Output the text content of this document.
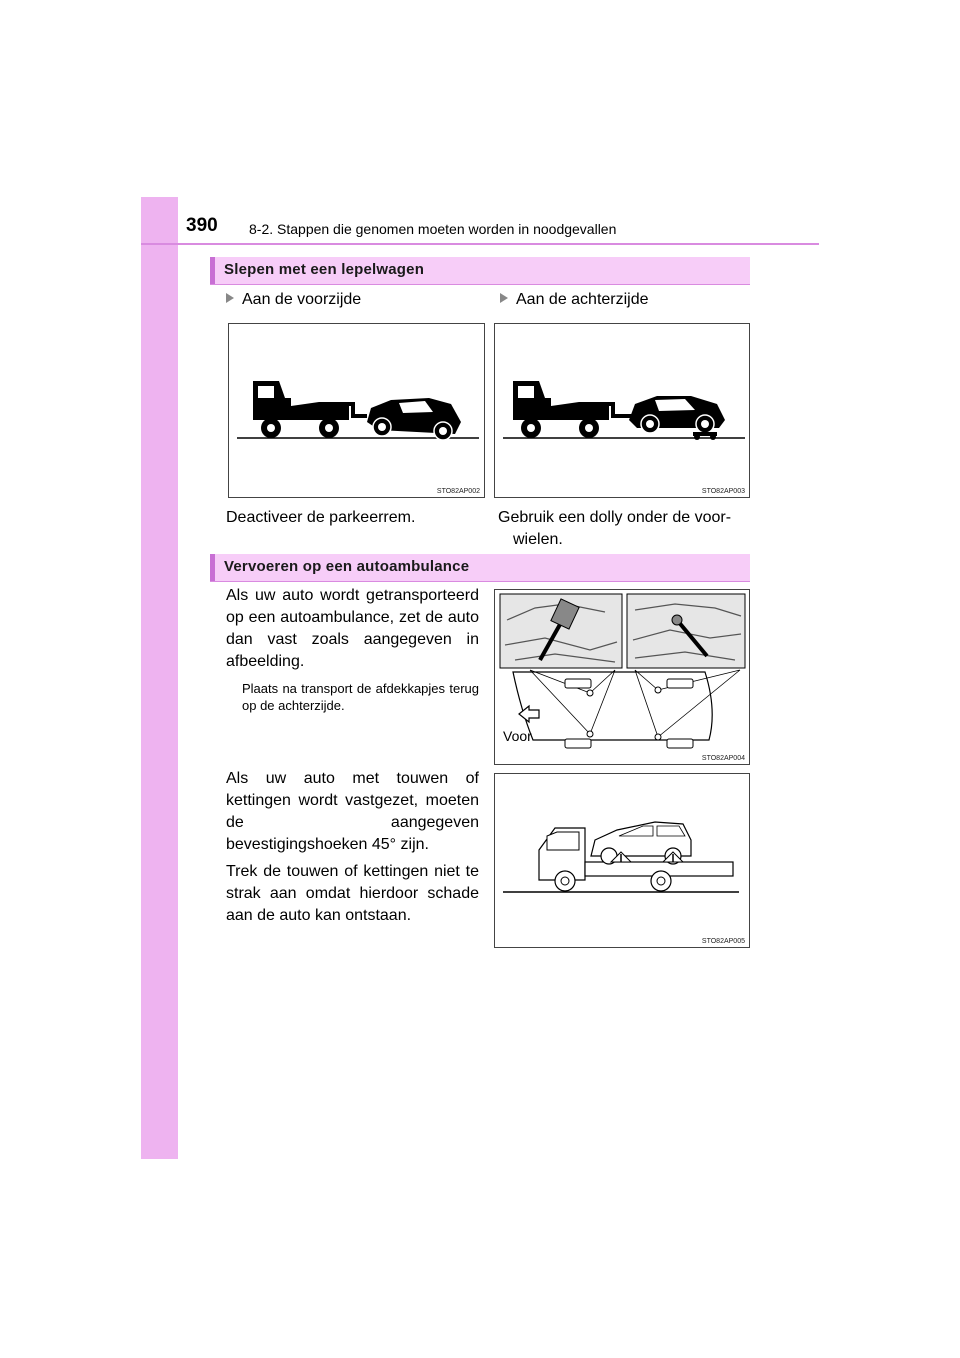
390 8-2. Stappen die genomen moeten worden in noodgevallen
Slepen met een lepelwagen
Aan de voorzijde	Aan de achterzijde
STO82AP002	STO82AP003
Deactiveer de parkeerrem.	Gebruik een dolly onder de voor-
wielen.
Vervoeren op een autoambulance
Als uw auto wordt getransporteerd op een autoambulance, zet de auto dan vast zoals aangegeven in afbeelding.
Plaats na transport de afdekkapjes terug op de achterzijde.
Als uw auto met touwen of kettingen wordt vastgezet, moeten de aangegeven bevestigingshoeken 45° zijn.
Trek de touwen of kettingen niet te strak aan omdat hierdoor schade aan de auto kan ontstaan.
Voor
STO82AP004
STO82AP005
